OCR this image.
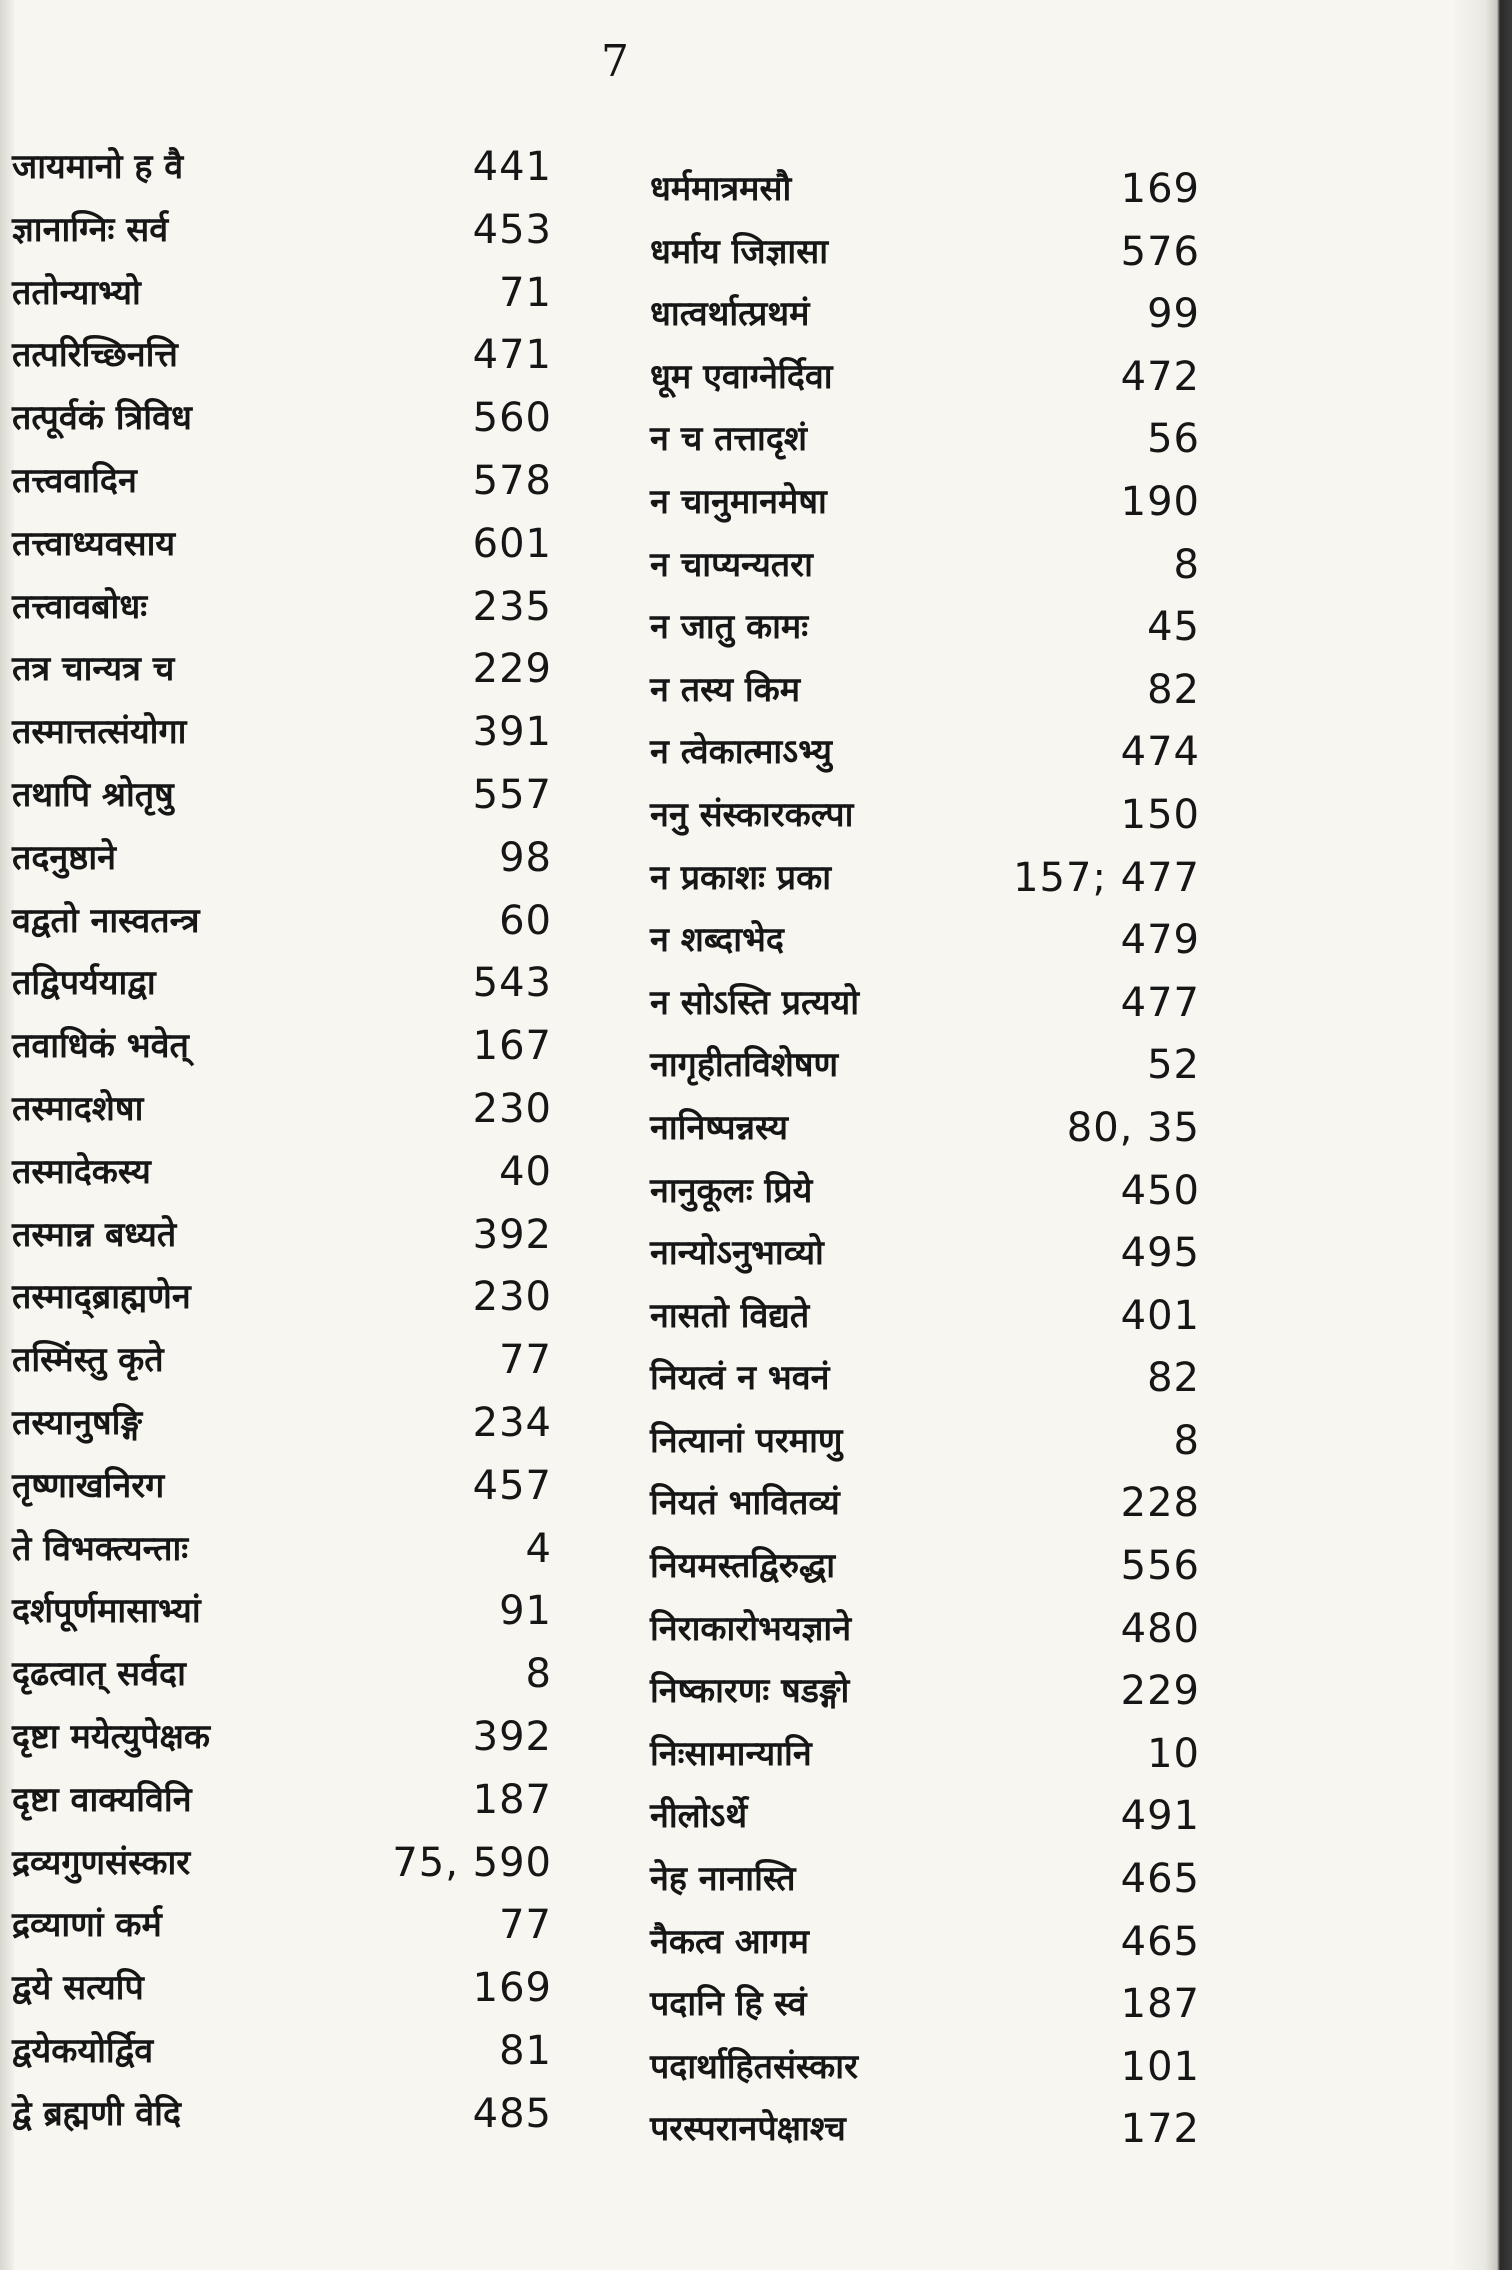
7
जायमानो ह वै	441
ज्ञानाग्निः सर्व	453
ततोन्याभ्यो	71
तत्परिच्छिनत्ति	471
तत्पूर्वकं त्रिविध	560
तत्त्ववादिन	578
तत्त्वाध्यवसाय	601
तत्त्वावबोधः	235
तत्र चान्यत्र च	229
तस्मात्तत्संयोगा	391
तथापि श्रोतृषु	557
तदनुष्ठाने	98
वद्वतो नास्वतन्त्र	60
तद्विपर्ययाद्वा	543
तवाधिकं भवेत्	167
तस्मादशेषा	230
तस्मादेकस्य	40
तस्मान्न बध्यते	392
तस्माद्ब्राह्मणेन	230
तस्मिंस्तु कृते	77
तस्यानुषङ्गि	234
तृष्णाखनिरग	457
ते विभक्त्यन्ताः	4
दर्शपूर्णमासाभ्यां	91
दृढत्वात् सर्वदा	8
दृष्टा मयेत्युपेक्षक	392
दृष्टा वाक्यविनि	187
द्रव्यगुणसंस्कार	75, 590
द्रव्याणां कर्म	77
द्वये सत्यपि	169
द्वयेकयोर्द्विव	81
द्वे ब्रह्मणी वेदि	485
धर्ममात्रमसौ	169
धर्माय जिज्ञासा	576
धात्वर्थात्प्रथमं	99
धूम एवाग्नेर्दिवा	472
न च तत्तादृशं	56
न चानुमानमेषा	190
न चाप्यन्यतरा	8
न जातु कामः	45
न तस्य किम	82
न त्वेकात्माऽभ्यु	474
ननु संस्कारकल्पा	150
न प्रकाशः प्रका	157; 477
न शब्दाभेद	479
न सोऽस्ति प्रत्ययो	477
नागृहीतविशेषण	52
नानिष्पन्नस्य	80, 35
नानुकूलः प्रिये	450
नान्योऽनुभाव्यो	495
नासतो विद्यते	401
नियत्वं न भवनं	82
नित्यानां परमाणु	8
नियतं भावितव्यं	228
नियमस्तद्विरुद्धा	556
निराकारोभयज्ञाने	480
निष्कारणः षडङ्गो	229
निःसामान्यानि	10
नीलोऽर्थे	491
नेह नानास्ति	465
नैकत्व आगम	465
पदानि हि स्वं	187
पदार्थाहितसंस्कार	101
परस्परानपेक्षाश्च	172
